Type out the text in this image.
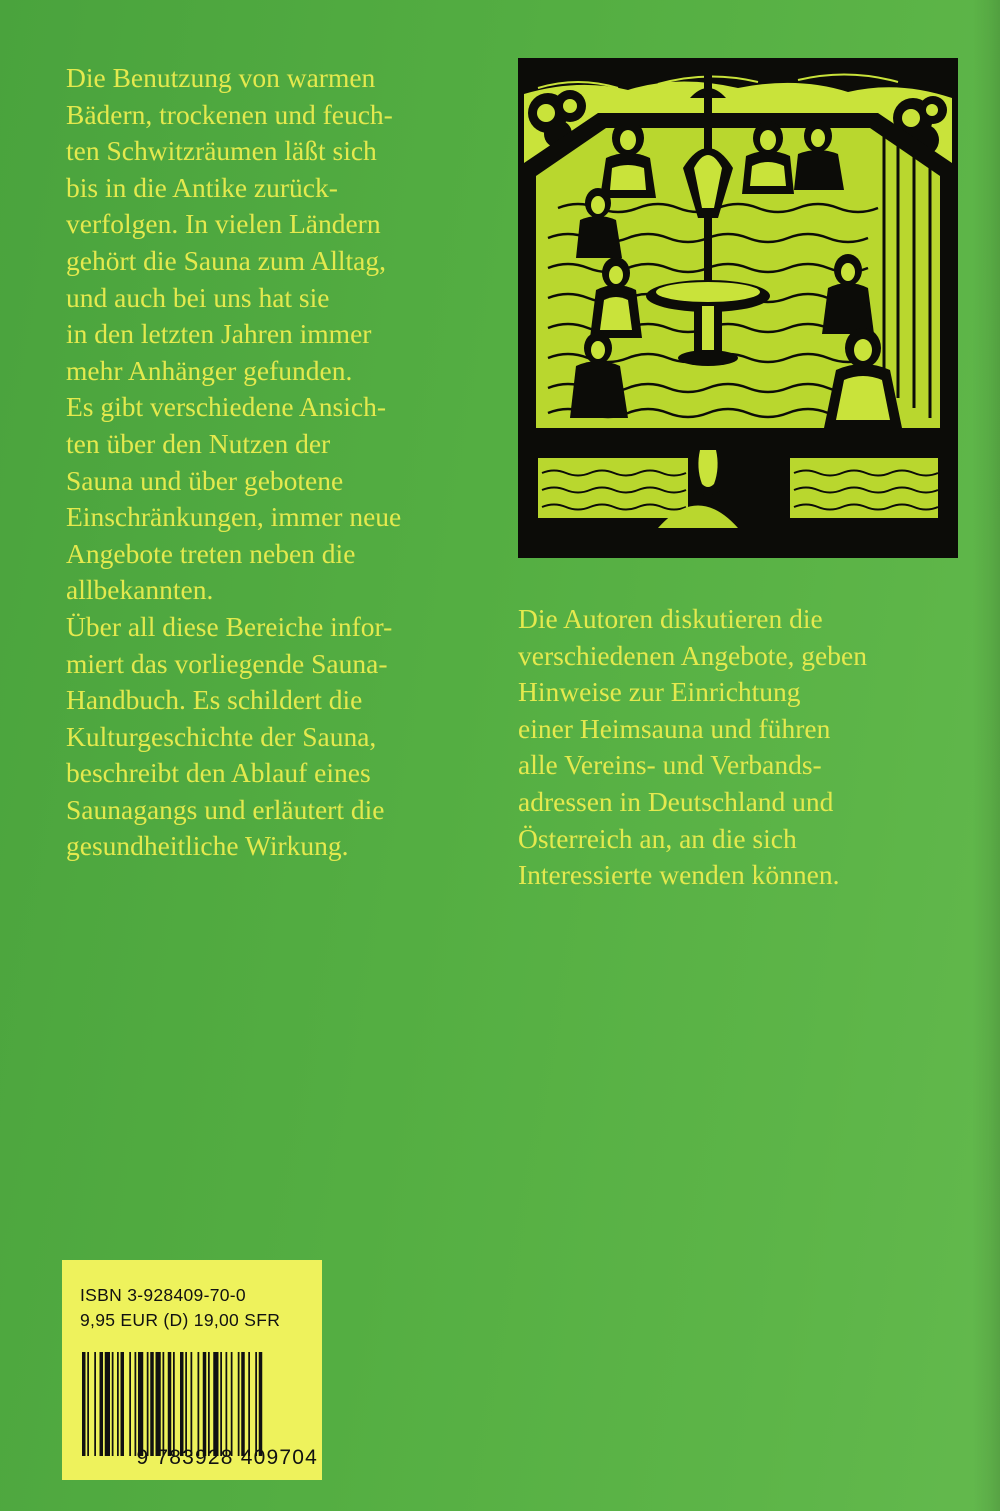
Die Benutzung von warmen
Bädern, trockenen und feuch-
ten Schwitzräumen läßt sich
bis in die Antike zurück-
verfolgen. In vielen Ländern
gehört die Sauna zum Alltag,
und auch bei uns hat sie
in den letzten Jahren immer
mehr Anhänger gefunden.
Es gibt verschiedene Ansich-
ten über den Nutzen der
Sauna und über gebotene
Einschränkungen, immer neue
Angebote treten neben die
allbekannten.
Über all diese Bereiche infor-
miert das vorliegende Sauna-
Handbuch. Es schildert die
Kulturgeschichte der Sauna,
beschreibt den Ablauf eines
Saunagangs und erläutert die
gesundheitliche Wirkung.

Die Autoren diskutieren die
verschiedenen Angebote, geben
Hinweise zur Einrichtung
einer Heimsauna und führen
alle Vereins- und Verbands-
adressen in Deutschland und
Österreich an, an die sich
Interessierte wenden können.

ISBN 3-928409-70-0
9,95 EUR (D) 19,00 SFR
9 783928 409704
